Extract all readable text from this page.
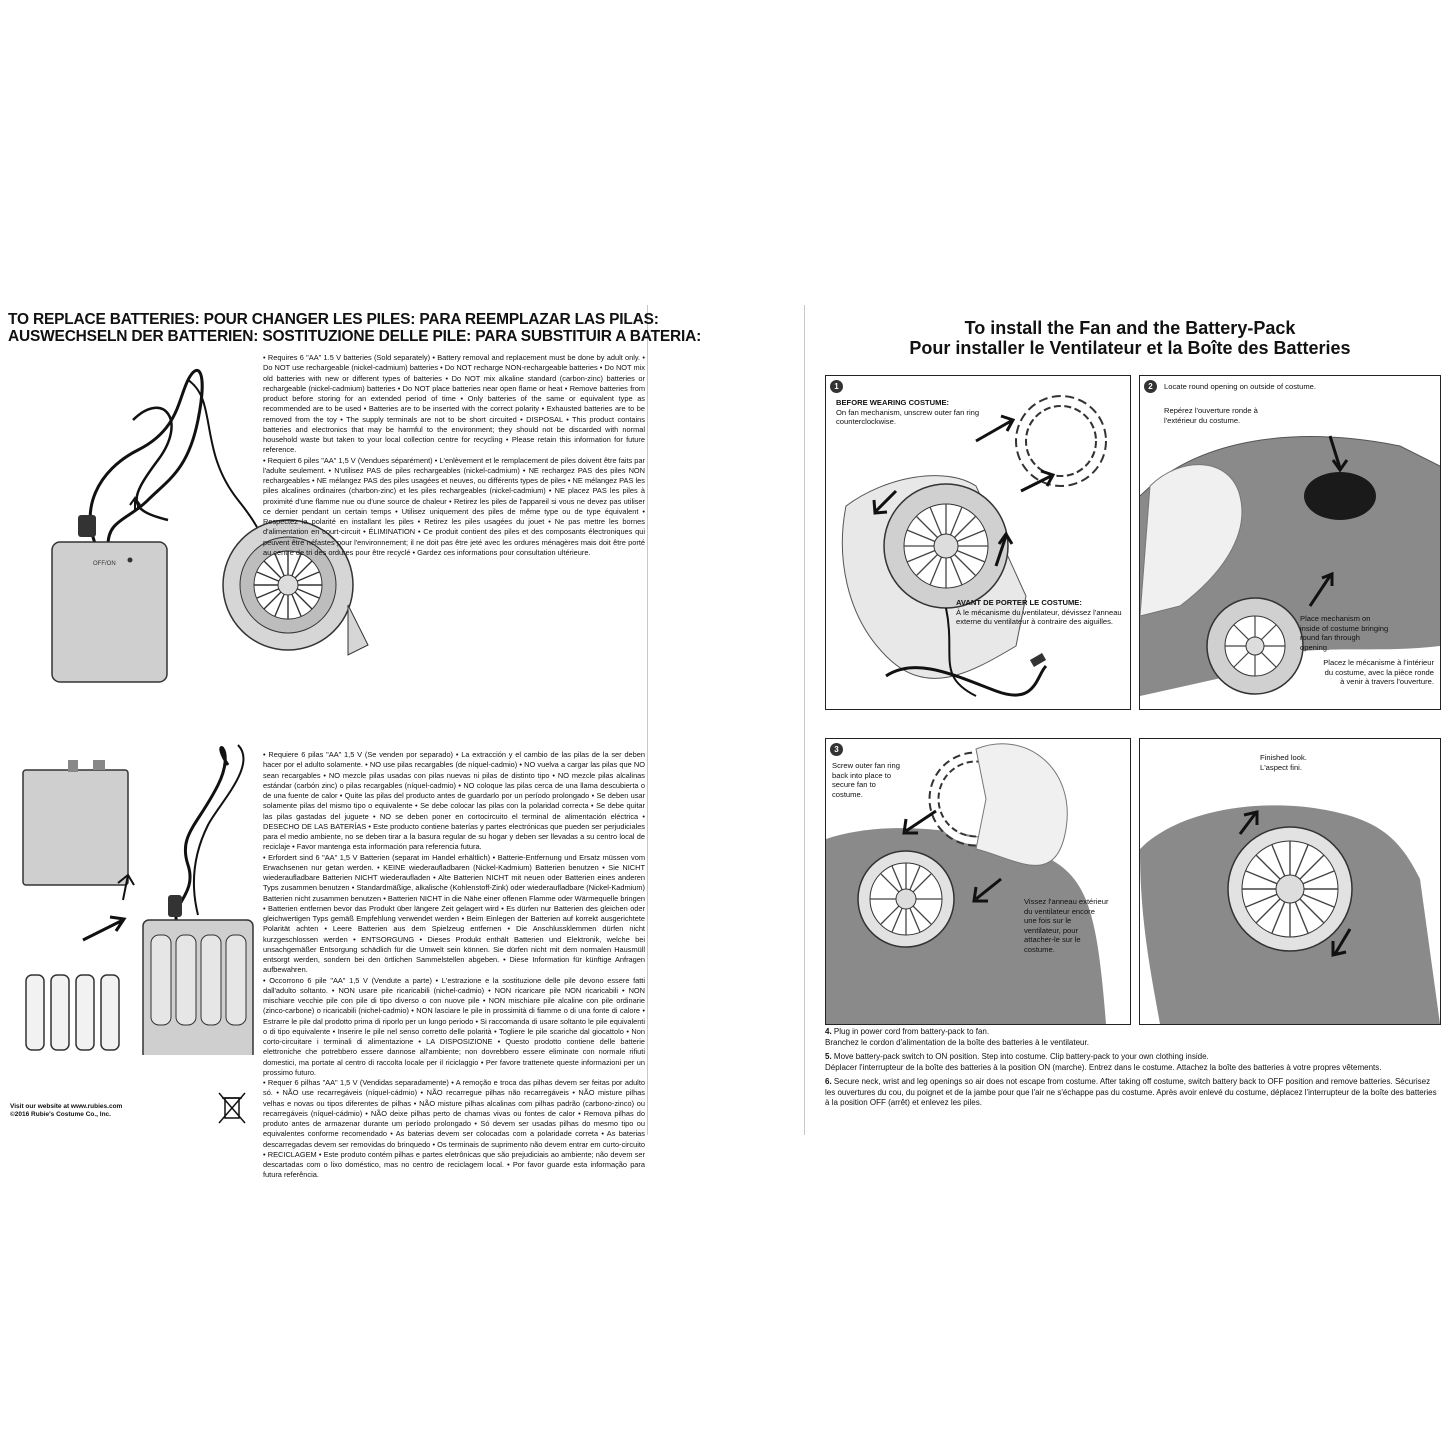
TO REPLACE BATTERIES: POUR CHANGER LES PILES: PARA REEMPLAZAR LAS PILAS:
AUSWECHSELN DER BATTERIEN: SOSTITUZIONE DELLE PILE: PARA SUBSTITUIR A BATERIA:
OFF/ON

• Requires 6 "AA" 1.5 V batteries (Sold separately) • Battery removal and replacement must be done by adult only. • Do NOT use rechargeable (nickel-cadmium) batteries • Do NOT recharge NON-rechargeable batteries • Do NOT mix old batteries with new or different types of batteries • Do NOT mix alkaline standard (carbon-zinc) batteries or rechargeable (nickel-cadmium) batteries • Do NOT place batteries near open flame or heat • Remove batteries from product before storing for an extended period of time • Only batteries of the same or equivalent type as recommended are to be used • Batteries are to be inserted with the correct polarity • Exhausted batteries are to be removed from the toy • The supply terminals are not to be short circuited • DISPOSAL • This product contains batteries and electronics that may be harmful to the environment; they should not be discarded with normal household waste but taken to your local collection centre for recycling • Please retain this information for future reference.

• Requiert 6 piles "AA" 1,5 V (Vendues séparément) • L'enlèvement et le remplacement de piles doivent être faits par l'adulte seulement. • N'utilisez PAS de piles rechargeables (nickel-cadmium) • NE rechargez PAS des piles NON rechargeables • NE mélangez PAS des piles usagées et neuves, ou différents types de piles • NE mélangez PAS les piles alcalines ordinaires (charbon-zinc) et les piles rechargeables (nickel-cadmium) • NE placez PAS les piles à proximité d'une flamme nue ou d'une source de chaleur • Retirez les piles de l'appareil si vous ne devez pas utiliser ce dernier pendant un certain temps • Utilisez uniquement des piles de même type ou de type équivalent • Respectez la polarité en installant les piles • Retirez les piles usagées du jouet • Ne pas mettre les bornes d'alimentation en court-circuit • ÉLIMINATION • Ce produit contient des piles et des composants électroniques qui peuvent être néfastes pour l'environnement; il ne doit pas être jeté avec les ordures ménagères mais doit être porté au centre de tri des ordures pour être recyclé • Gardez ces informations pour consultation ultérieure.

• Requiere 6 pilas "AA" 1,5 V (Se venden por separado) • La extracción y el cambio de las pilas de la ser deben hacer por el adulto solamente. • NO use pilas recargables (de níquel-cadmio) • NO vuelva a cargar las pilas que NO sean recargables • NO mezcle pilas usadas con pilas nuevas ni pilas de distinto tipo • NO mezcle pilas alcalinas estándar (carbón zinc) o pilas recargables (níquel-cadmio) • NO coloque las pilas cerca de una llama descubierta o de una fuente de calor • Quite las pilas del producto antes de guardarlo por un período prolongado • Se deben usar solamente pilas del mismo tipo o equivalente • Se debe colocar las pilas con la polaridad correcta • Se debe quitar las pilas gastadas del juguete • NO se deben poner en cortocircuito el terminal de alimentación eléctrica • DESECHO DE LAS BATERÍAS • Este producto contiene baterías y partes electrónicas que pueden ser perjudiciales para el medio ambiente, no se deben tirar a la basura regular de su hogar y deben ser llevadas a su centro local de reciclaje • Favor mantenga esta información para referencia futura.

• Erfordert sind 6 "AA" 1,5 V Batterien (separat im Handel erhältlich) • Batterie-Entfernung und Ersatz müssen vom Erwachsenen nur getan werden. • KEINE wiederaufladbaren (Nickel-Kadmium) Batterien benutzen • Sie NICHT wiederaufladbare Batterien NICHT wiederaufladen • Alte Batterien NICHT mit neuen oder Batterien eines anderen Typs zusammen benutzen • Standardmäßige, alkalische (Kohlenstoff-Zink) oder wiederaufladbare (Nickel-Kadmium) Batterien nicht zusammen benutzen • Batterien NICHT in die Nähe einer offenen Flamme oder Wärmequelle bringen • Batterien entfernen bevor das Produkt über längere Zeit gelagert wird • Es dürfen nur Batterien des gleichen oder gleichwertigen Typs gemäß Empfehlung verwendet werden • Beim Einlegen der Batterien auf korrekt ausgerichtete Polarität achten • Leere Batterien aus dem Spielzeug entfernen • Die Anschlussklemmen dürfen nicht kurzgeschlossen werden • ENTSORGUNG • Dieses Produkt enthält Batterien und Elektronik, welche bei unsachgemäßer Entsorgung schädlich für die Umwelt sein können. Sie dürfen nicht mit dem normalen Hausmüll entsorgt werden, sondern bei den örtlichen Sammelstellen abgeben. • Diese Information für künftige Anfragen aufbewahren.

• Occorrono 6 pile "AA" 1,5 V (Vendute a parte) • L'estrazione e la sostituzione delle pile devono essere fatti dall'adulto soltanto. • NON usare pile ricaricabili (nichel-cadmio) • NON ricaricare pile NON ricaricabili • NON mischiare vecchie pile con pile di tipo diverso o con nuove pile • NON mischiare pile alcaline con pile ordinarie (zinco-carbone) o ricaricabili (nichel-cadmio) • NON lasciare le pile in prossimità di fiamme o di una fonte di calore • Estrarre le pile dal prodotto prima di riporlo per un lungo periodo • Si raccomanda di usare soltanto le pile equivalenti o di tipo equivalente • Inserire le pile nel senso corretto delle polarità • Togliere le pile scariche dal giocattolo • Non corto-circuitare i terminali di alimentazione • LA DISPOSIZIONE • Questo prodotto contiene delle batterie elettroniche che potrebbero essere dannose all'ambiente; non dovrebbero essere eliminate con normale rifiuti domestici, ma portate al centro di raccolta locale per il riciclaggio • Per favore trattenete queste informazioni per un prossimo futuro.

• Requer 6 pilhas "AA" 1,5 V (Vendidas separadamente) • A remoção e troca das pilhas devem ser feitas por adulto só. • NÃO use recarregáveis (níquel-cádmio) • NÃO recarregue pilhas não recarregáveis • NÃO misture pilhas velhas e novas ou tipos diferentes de pilhas • NÃO misture pilhas alcalinas com pilhas padrão (carbono-zinco) ou recarregáveis (níquel-cádmio) • NÃO deixe pilhas perto de chamas vivas ou fontes de calor • Remova pilhas do produto antes de armazenar durante um período prolongado • Só devem ser usadas pilhas do mesmo tipo ou equivalentes conforme recomendado • As baterias devem ser colocadas com a polaridade correta • As baterias descarregadas devem ser removidas do brinquedo • Os terminais de suprimento não devem entrar em curto-circuito • RECICLAGEM • Este produto contém pilhas e partes eletrônicas que são prejudiciais ao ambiente; não devem ser descartadas com o lixo doméstico, mas no centro de reciclagem local. • Por favor guarde esta informação para futura referência.

Visit our website at www.rubies.com
©2016 Rubie's Costume Co., Inc.
To install the Fan and the Battery-Pack
Pour installer le Ventilateur et la Boîte des Batteries
1
BEFORE WEARING COSTUME:
On fan mechanism, unscrew outer fan ring counterclockwise.
AVANT DE PORTER LE COSTUME:
À le mécanisme du ventilateur, dévissez l'anneau externe du ventilateur à contraire des aiguilles.
2	Locate round opening on outside of costume.
Repérez l'ouverture ronde à l'extérieur du costume.
Place mechanism on inside of costume bringing round fan through opening.
Placez le mécanisme à l'intérieur du costume, avec la pièce ronde à venir à travers l'ouverture.
3
Screw outer fan ring back into place to secure fan to costume.
Vissez l'anneau extérieur du ventilateur encore une fois sur le ventilateur, pour attacher-le sur le costume.
Finished look.
L'aspect fini.
4. Plug in power cord from battery-pack to fan.
Branchez le cordon d'alimentation de la boîte des batteries à le ventilateur.
5. Move battery-pack switch to ON position. Step into costume. Clip battery-pack to your own clothing inside.
Déplacer l'interrupteur de la boîte des batteries à la position ON (marche). Entrez dans le costume. Attachez la boîte des batteries à votre propres vêtements.
6. Secure neck, wrist and leg openings so air does not escape from costume. After taking off costume, switch battery back to OFF position and remove batteries. Sécurisez les ouvertures du cou, du poignet et de la jambe pour que l'air ne s'échappe pas du costume. Après avoir enlevé du costume, déplacez l'interrupteur de la boîte des batteries à la position OFF (arrêt) et enlevez les piles.
